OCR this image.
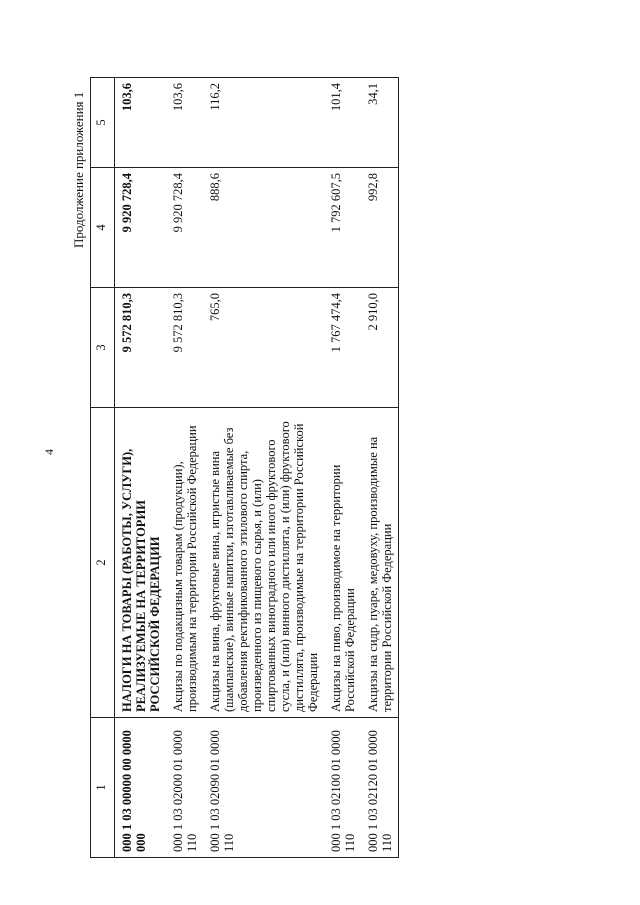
4
Продолжение приложения 1
1	2	3	4	5
000 1 03 00000 00 0000 000	НАЛОГИ НА ТОВАРЫ (РАБОТЫ, УСЛУГИ), РЕАЛИЗУЕМЫЕ НА ТЕРРИТОРИИ РОССИЙСКОЙ ФЕДЕРАЦИИ	9 572 810,3	9 920 728,4	103,6
000 1 03 02000 01 0000 110	Акцизы по подакцизным товарам (продукции), производимым на территории Российской Федерации	9 572 810,3	9 920 728,4	103,6
000 1 03 02090 01 0000 110	Акцизы на вина, фруктовые вина, игристые вина (шампанские), винные напитки, изготавливаемые без добавления ректификованного этилового спирта, произведенного из пищевого сырья, и (или) спиртованных виноградного или иного фруктового сусла, и (или) винного дистиллята, и (или) фруктового дистиллята, производимые на территории Российской Федерации	765,0	888,6	116,2
000 1 03 02100 01 0000 110	Акцизы на пиво, производимое на территории Российской Федерации	1 767 474,4	1 792 607,5	101,4
000 1 03 02120 01 0000 110	Акцизы на сидр, пуаре, медовуху, производимые на территории Российской Федерации	2 910,0	992,8	34,1
